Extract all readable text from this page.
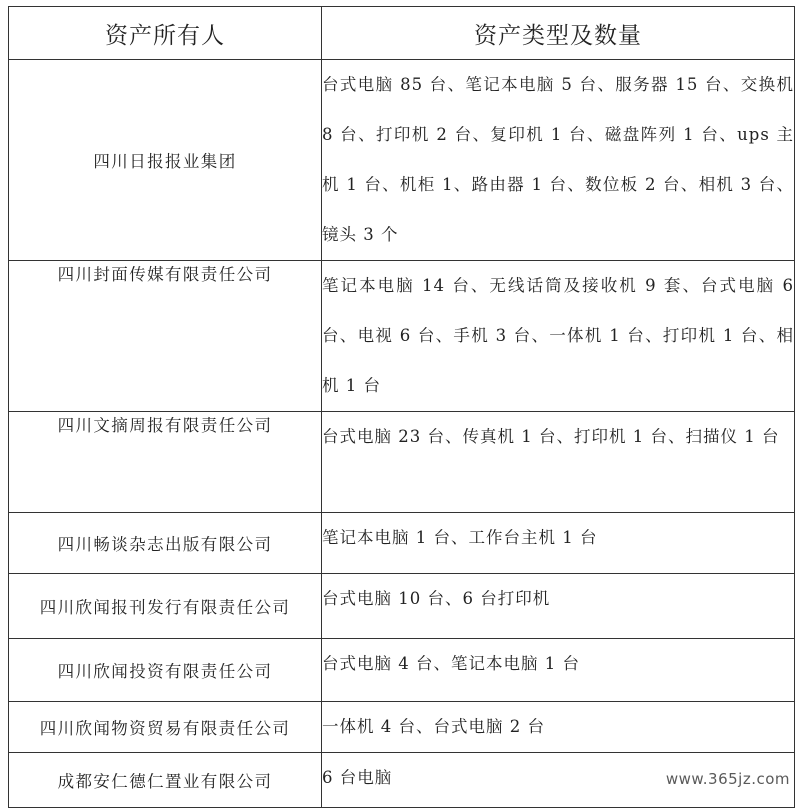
资产所有人	资产类型及数量
四川日报报业集团	台式电脑 85 台、笔记本电脑 5 台、服务器 15 台、交换机 8 台、打印机 2 台、复印机 1 台、磁盘阵列 1 台、ups 主机 1 台、机柜 1、路由器 1 台、数位板 2 台、相机 3 台、镜头 3 个
四川封面传媒有限责任公司	笔记本电脑 14 台、无线话筒及接收机 9 套、台式电脑 6 台、电视 6 台、手机 3 台、一体机 1 台、打印机 1 台、相机 1 台
四川文摘周报有限责任公司	台式电脑 23 台、传真机 1 台、打印机 1 台、扫描仪 1 台
四川畅谈杂志出版有限公司	笔记本电脑 1 台、工作台主机 1 台
四川欣闻报刊发行有限责任公司	台式电脑 10 台、6 台打印机
四川欣闻投资有限责任公司	台式电脑 4 台、笔记本电脑 1 台
四川欣闻物资贸易有限责任公司	一体机 4 台、台式电脑 2 台
成都安仁德仁置业有限公司	6 台电脑	www.365jz.com
